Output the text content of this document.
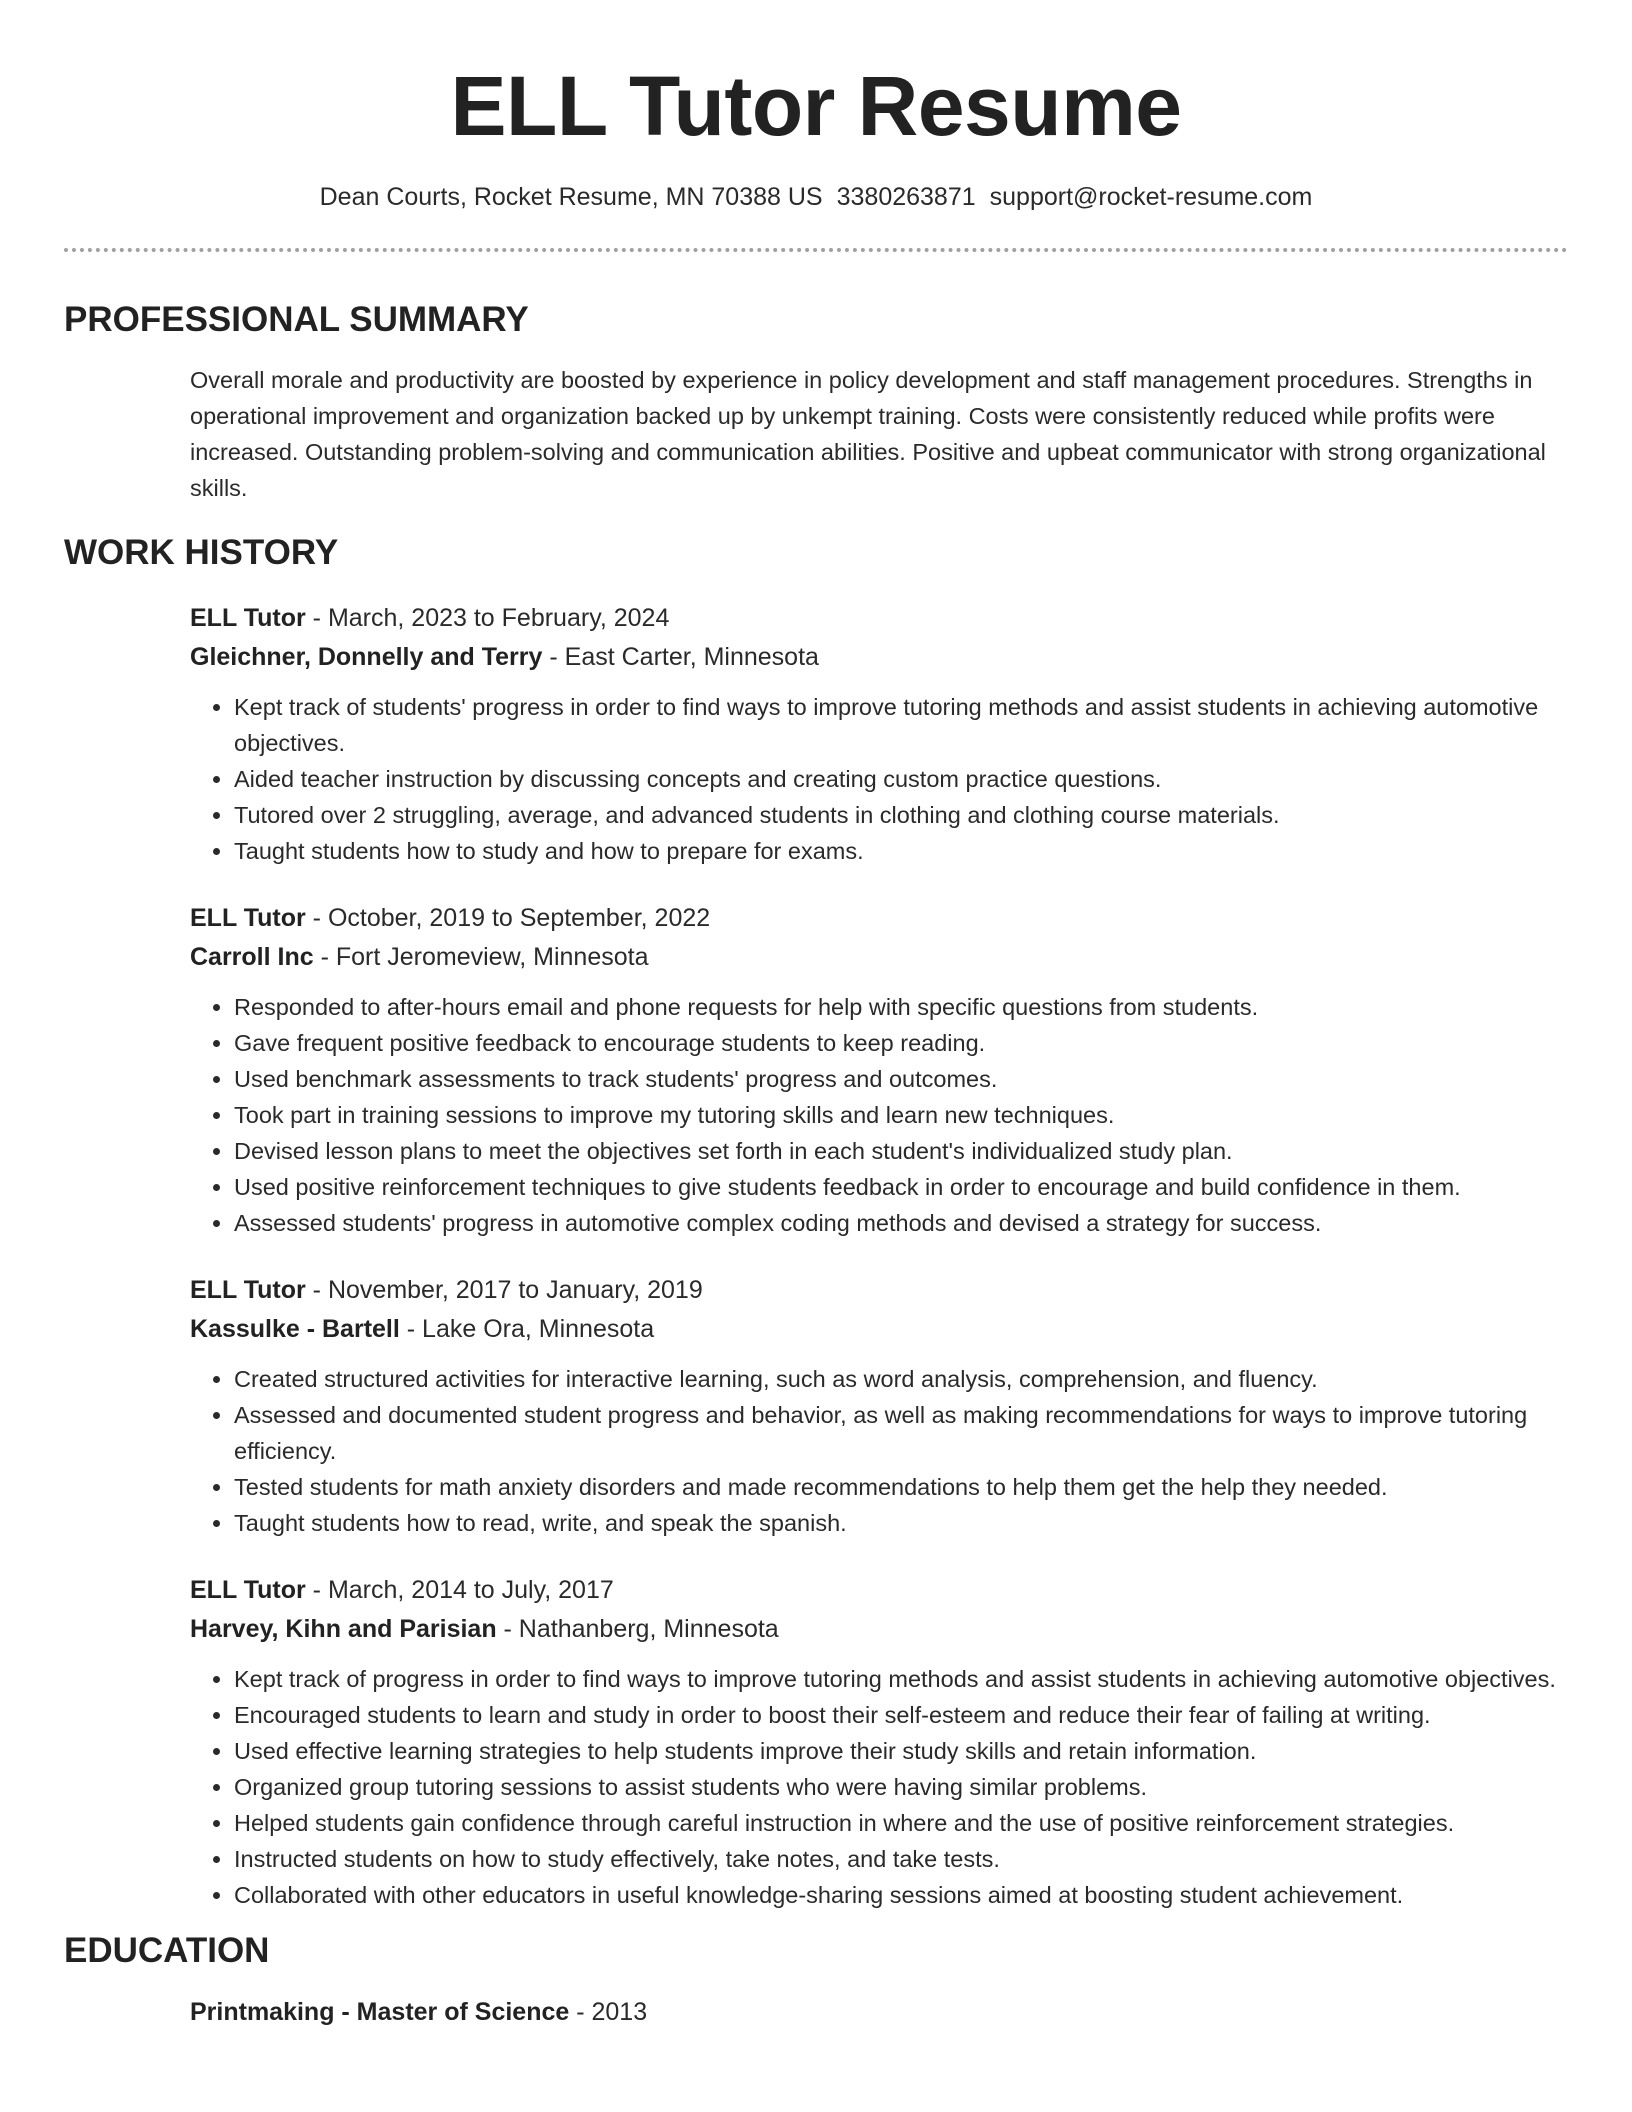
ELL Tutor Resume
Dean Courts, Rocket Resume, MN 70388 US 3380263871 support@rocket-resume.com
PROFESSIONAL SUMMARY
Overall morale and productivity are boosted by experience in policy development and staff management procedures. Strengths in operational improvement and organization backed up by unkempt training. Costs were consistently reduced while profits were increased. Outstanding problem-solving and communication abilities. Positive and upbeat communicator with strong organizational skills.
WORK HISTORY
ELL Tutor - March, 2023 to February, 2024
Gleichner, Donnelly and Terry - East Carter, Minnesota
• Kept track of students' progress in order to find ways to improve tutoring methods and assist students in achieving automotive objectives.
• Aided teacher instruction by discussing concepts and creating custom practice questions.
• Tutored over 2 struggling, average, and advanced students in clothing and clothing course materials.
• Taught students how to study and how to prepare for exams.
ELL Tutor - October, 2019 to September, 2022
Carroll Inc - Fort Jeromeview, Minnesota
• Responded to after-hours email and phone requests for help with specific questions from students.
• Gave frequent positive feedback to encourage students to keep reading.
• Used benchmark assessments to track students' progress and outcomes.
• Took part in training sessions to improve my tutoring skills and learn new techniques.
• Devised lesson plans to meet the objectives set forth in each student's individualized study plan.
• Used positive reinforcement techniques to give students feedback in order to encourage and build confidence in them.
• Assessed students' progress in automotive complex coding methods and devised a strategy for success.
ELL Tutor - November, 2017 to January, 2019
Kassulke - Bartell - Lake Ora, Minnesota
• Created structured activities for interactive learning, such as word analysis, comprehension, and fluency.
• Assessed and documented student progress and behavior, as well as making recommendations for ways to improve tutoring efficiency.
• Tested students for math anxiety disorders and made recommendations to help them get the help they needed.
• Taught students how to read, write, and speak the spanish.
ELL Tutor - March, 2014 to July, 2017
Harvey, Kihn and Parisian - Nathanberg, Minnesota
• Kept track of progress in order to find ways to improve tutoring methods and assist students in achieving automotive objectives.
• Encouraged students to learn and study in order to boost their self-esteem and reduce their fear of failing at writing.
• Used effective learning strategies to help students improve their study skills and retain information.
• Organized group tutoring sessions to assist students who were having similar problems.
• Helped students gain confidence through careful instruction in where and the use of positive reinforcement strategies.
• Instructed students on how to study effectively, take notes, and take tests.
• Collaborated with other educators in useful knowledge-sharing sessions aimed at boosting student achievement.
EDUCATION
Printmaking - Master of Science - 2013
